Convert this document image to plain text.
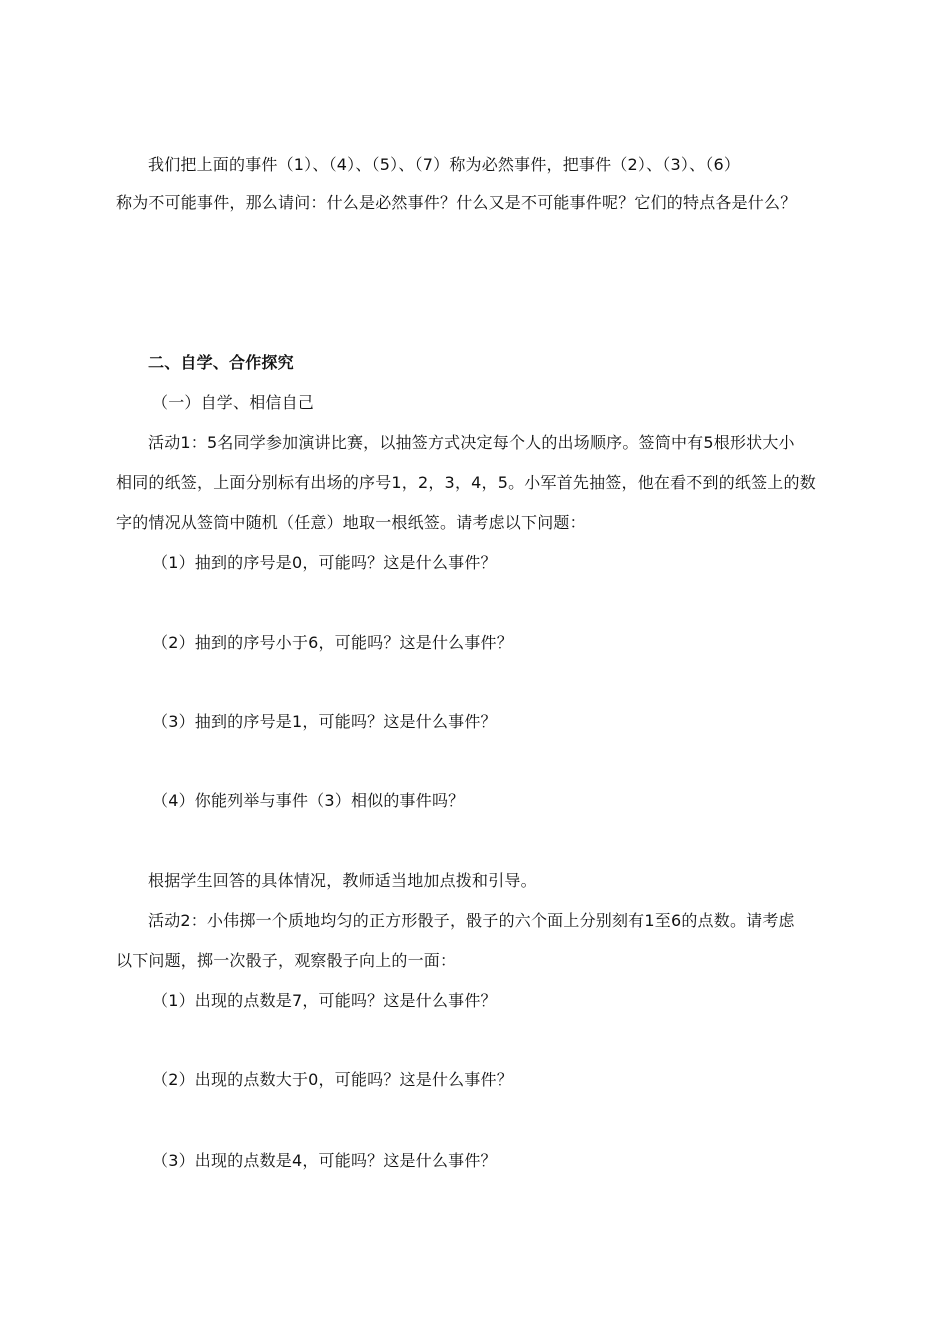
我们把上面的事件（1）、（4）、（5）、（7）称为必然事件，把事件（2）、（3）、（6）
称为不可能事件，那么请问：什么是必然事件？什么又是不可能事件呢？它们的特点各是什么？
二、自学、合作探究
（一）自学、相信自己
活动1：5名同学参加演讲比赛，以抽签方式决定每个人的出场顺序。签筒中有5根形状大小
相同的纸签，上面分别标有出场的序号1，2，3，4，5。小军首先抽签，他在看不到的纸签上的数
字的情况从签筒中随机（任意）地取一根纸签。请考虑以下问题：
（1）抽到的序号是0，可能吗？这是什么事件？
（2）抽到的序号小于6，可能吗？这是什么事件？
（3）抽到的序号是1，可能吗？这是什么事件？
（4）你能列举与事件（3）相似的事件吗？
根据学生回答的具体情况，教师适当地加点拨和引导。
活动2：小伟掷一个质地均匀的正方形骰子，骰子的六个面上分别刻有1至6的点数。请考虑
以下问题，掷一次骰子，观察骰子向上的一面：
（1）出现的点数是7，可能吗？这是什么事件？
（2）出现的点数大于0，可能吗？这是什么事件？
（3）出现的点数是4，可能吗？这是什么事件？
